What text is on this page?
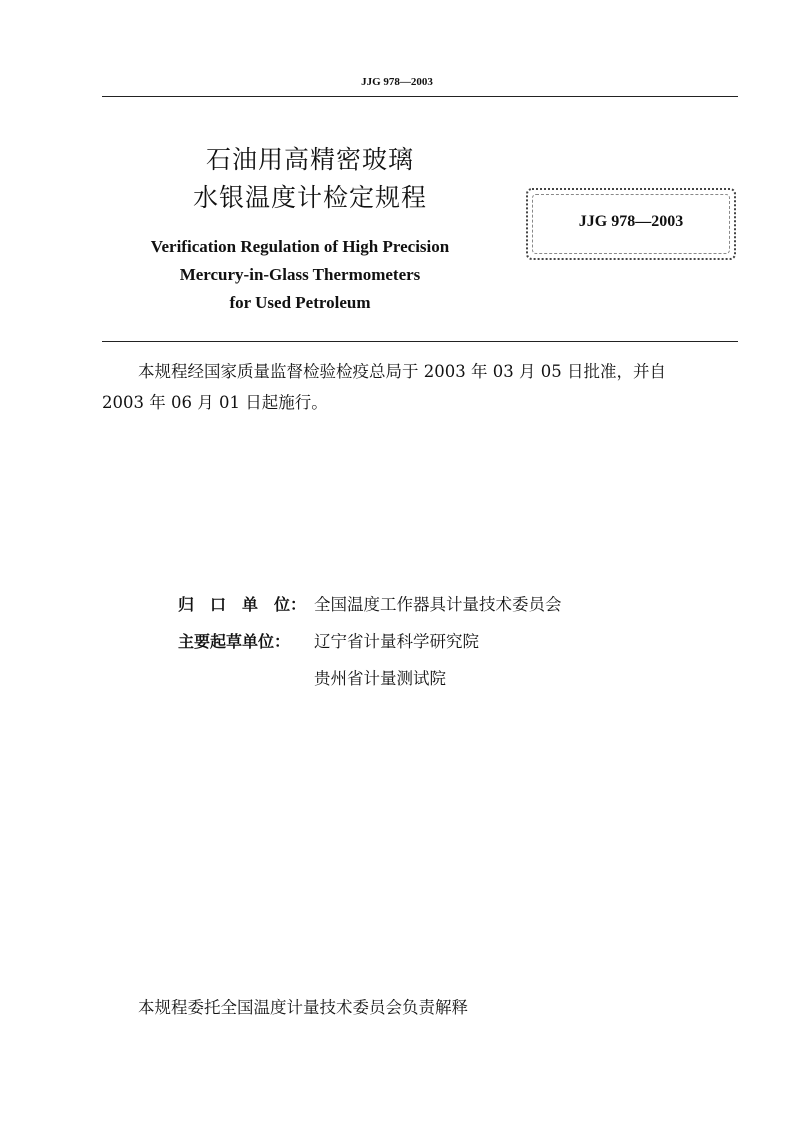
JJG 978—2003
石油用高精密玻璃
水银温度计检定规程
Verification Regulation of High Precision
Mercury-in-Glass Thermometers
for Used Petroleum
JJG 978—2003
本规程经国家质量监督检验检疫总局于 2003 年 03 月 05 日批准，并自
2003 年 06 月 01 日起施行。
归　口　单　位： 全国温度工作器具计量技术委员会
主要起草单位： 辽宁省计量科学研究院
贵州省计量测试院
本规程委托全国温度计量技术委员会负责解释
